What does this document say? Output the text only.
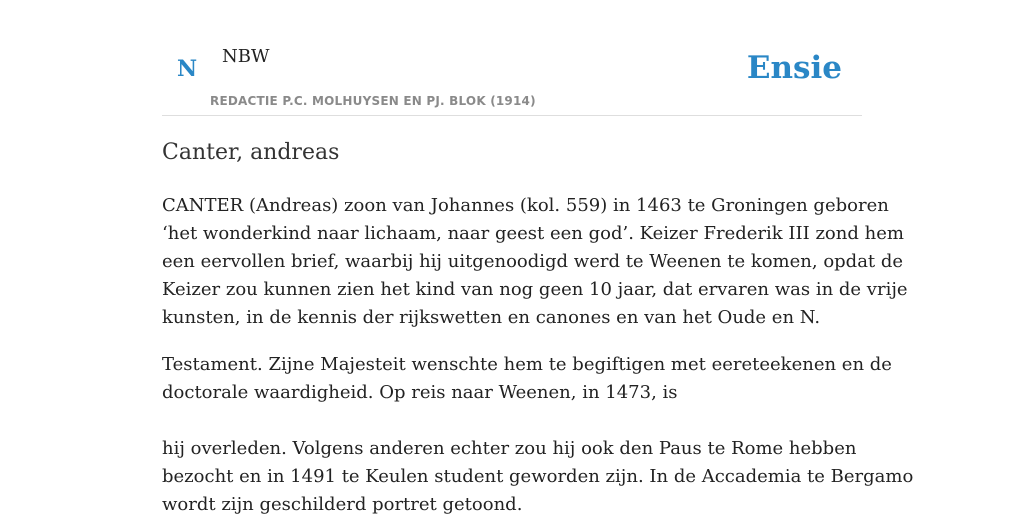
N NBW
REDACTIE P.C. MOLHUYSEN EN PJ. BLOK (1914)
Ensie
Canter, andreas

CANTER (Andreas) zoon van Johannes (kol. 559) in 1463 te Groningen geboren
‘het wonderkind naar lichaam, naar geest een god’. Keizer Frederik III zond hem
een eervollen brief, waarbij hij uitgenoodigd werd te Weenen te komen, opdat de
Keizer zou kunnen zien het kind van nog geen 10 jaar, dat ervaren was in de vrije
kunsten, in de kennis der rijkswetten en canones en van het Oude en N.

Testament. Zijne Majesteit wenschte hem te begiftigen met eereteekenen en de
doctorale waardigheid. Op reis naar Weenen, in 1473, is

hij overleden. Volgens anderen echter zou hij ook den Paus te Rome hebben
bezocht en in 1491 te Keulen student geworden zijn. In de Accademia te Bergamo
wordt zijn geschilderd portret getoond.
